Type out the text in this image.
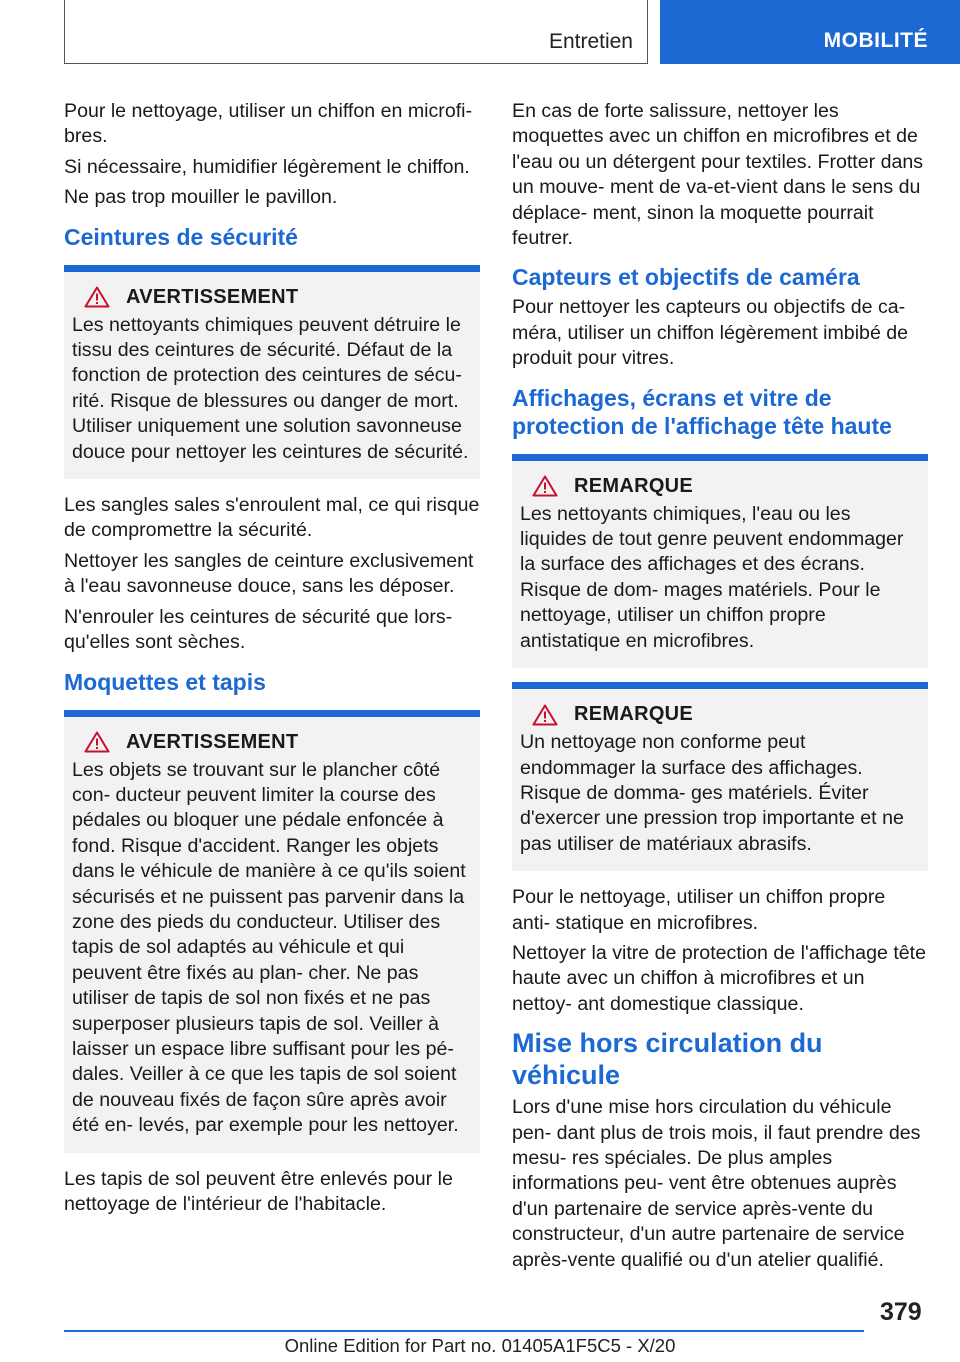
Entretien	MOBILITÉ

Pour le nettoyage, utiliser un chiffon en microfi‐ bres.

Si nécessaire, humidifier légèrement le chiffon.

Ne pas trop mouiller le pavillon.

Ceintures de sécurité
AVERTISSEMENT

Les nettoyants chimiques peuvent détruire le tissu des ceintures de sécurité. Défaut de la fonction de protection des ceintures de sécu‐ rité. Risque de blessures ou danger de mort. Utiliser uniquement une solution savonneuse douce pour nettoyer les ceintures de sécurité.

Les sangles sales s'enroulent mal, ce qui risque de compromettre la sécurité.

Nettoyer les sangles de ceinture exclusivement à l'eau savonneuse douce, sans les déposer.

N'enrouler les ceintures de sécurité que lors‐ qu'elles sont sèches.

Moquettes et tapis
AVERTISSEMENT

Les objets se trouvant sur le plancher côté con‐ ducteur peuvent limiter la course des pédales ou bloquer une pédale enfoncée à fond. Risque d'accident. Ranger les objets dans le véhicule de manière à ce qu'ils soient sécurisés et ne puissent pas parvenir dans la zone des pieds du conducteur. Utiliser des tapis de sol adaptés au véhicule et qui peuvent être fixés au plan‐ cher. Ne pas utiliser de tapis de sol non fixés et ne pas superposer plusieurs tapis de sol. Veiller à laisser un espace libre suffisant pour les pé‐ dales. Veiller à ce que les tapis de sol soient de nouveau fixés de façon sûre après avoir été en‐ levés, par exemple pour les nettoyer.

Les tapis de sol peuvent être enlevés pour le nettoyage de l'intérieur de l'habitacle.

En cas de forte salissure, nettoyer les moquettes avec un chiffon en microfibres et de l'eau ou un détergent pour textiles. Frotter dans un mouve‐ ment de va-et-vient dans le sens du déplace‐ ment, sinon la moquette pourrait feutrer.

Capteurs et objectifs de caméra

Pour nettoyer les capteurs ou objectifs de ca‐ méra, utiliser un chiffon légèrement imbibé de produit pour vitres.

Affichages, écrans et vitre de protection de l'affichage tête haute
REMARQUE

Les nettoyants chimiques, l'eau ou les liquides de tout genre peuvent endommager la surface des affichages et des écrans. Risque de dom‐ mages matériels. Pour le nettoyage, utiliser un chiffon propre antistatique en microfibres.

REMARQUE

Un nettoyage non conforme peut endommager la surface des affichages. Risque de domma‐ ges matériels. Éviter d'exercer une pression trop importante et ne pas utiliser de matériaux abrasifs.

Pour le nettoyage, utiliser un chiffon propre anti‐ statique en microfibres.

Nettoyer la vitre de protection de l'affichage tête haute avec un chiffon à microfibres et un nettoy‐ ant domestique classique.

Mise hors circulation du véhicule

Lors d'une mise hors circulation du véhicule pen‐ dant plus de trois mois, il faut prendre des mesu‐ res spéciales. De plus amples informations peu‐ vent être obtenues auprès d'un partenaire de service après-vente du constructeur, d'un autre partenaire de service après-vente qualifié ou d'un atelier qualifié.

379
Online Edition for Part no. 01405A1F5C5 - X/20
